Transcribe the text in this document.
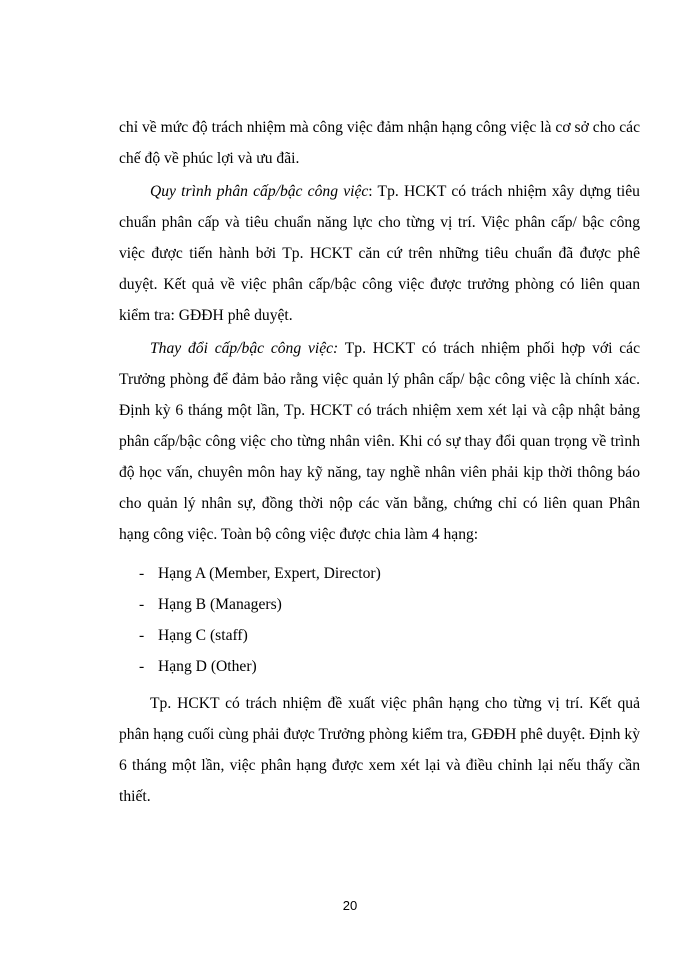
chỉ về mức độ trách nhiệm mà công việc đảm nhận hạng công việc là cơ sở cho các chế độ về phúc lợi và ưu đãi.

Quy trình phân cấp/bậc công việc: Tp. HCKT có trách nhiệm xây dựng tiêu chuẩn phân cấp và tiêu chuẩn năng lực cho từng vị trí. Việc phân cấp/ bậc công việc được tiến hành bởi Tp. HCKT căn cứ trên những tiêu chuẩn đã được phê duyệt. Kết quả về việc phân cấp/bậc công việc được trưởng phòng có liên quan kiểm tra: GĐĐH phê duyệt.

Thay đổi cấp/bậc công việc: Tp. HCKT có trách nhiệm phối hợp với các Trưởng phòng để đảm bảo rằng việc quản lý phân cấp/ bậc công việc là chính xác. Định kỳ 6 tháng một lần, Tp. HCKT có trách nhiệm xem xét lại và cập nhật bảng phân cấp/bậc công việc cho từng nhân viên. Khi có sự thay đổi quan trọng về trình độ học vấn, chuyên môn hay kỹ năng, tay nghề nhân viên phải kịp thời thông báo cho quản lý nhân sự, đồng thời nộp các văn bằng, chứng chỉ có liên quan Phân hạng công việc. Toàn bộ công việc được chia làm 4 hạng:

- Hạng A (Member, Expert, Director)
- Hạng B (Managers)
- Hạng C (staff)
- Hạng D (Other)

Tp. HCKT có trách nhiệm đề xuất việc phân hạng cho từng vị trí. Kết quả phân hạng cuối cùng phải được Trưởng phòng kiểm tra, GĐĐH phê duyệt. Định kỳ 6 tháng một lần, việc phân hạng được xem xét lại và điều chỉnh lại nếu thấy cần thiết.

20
